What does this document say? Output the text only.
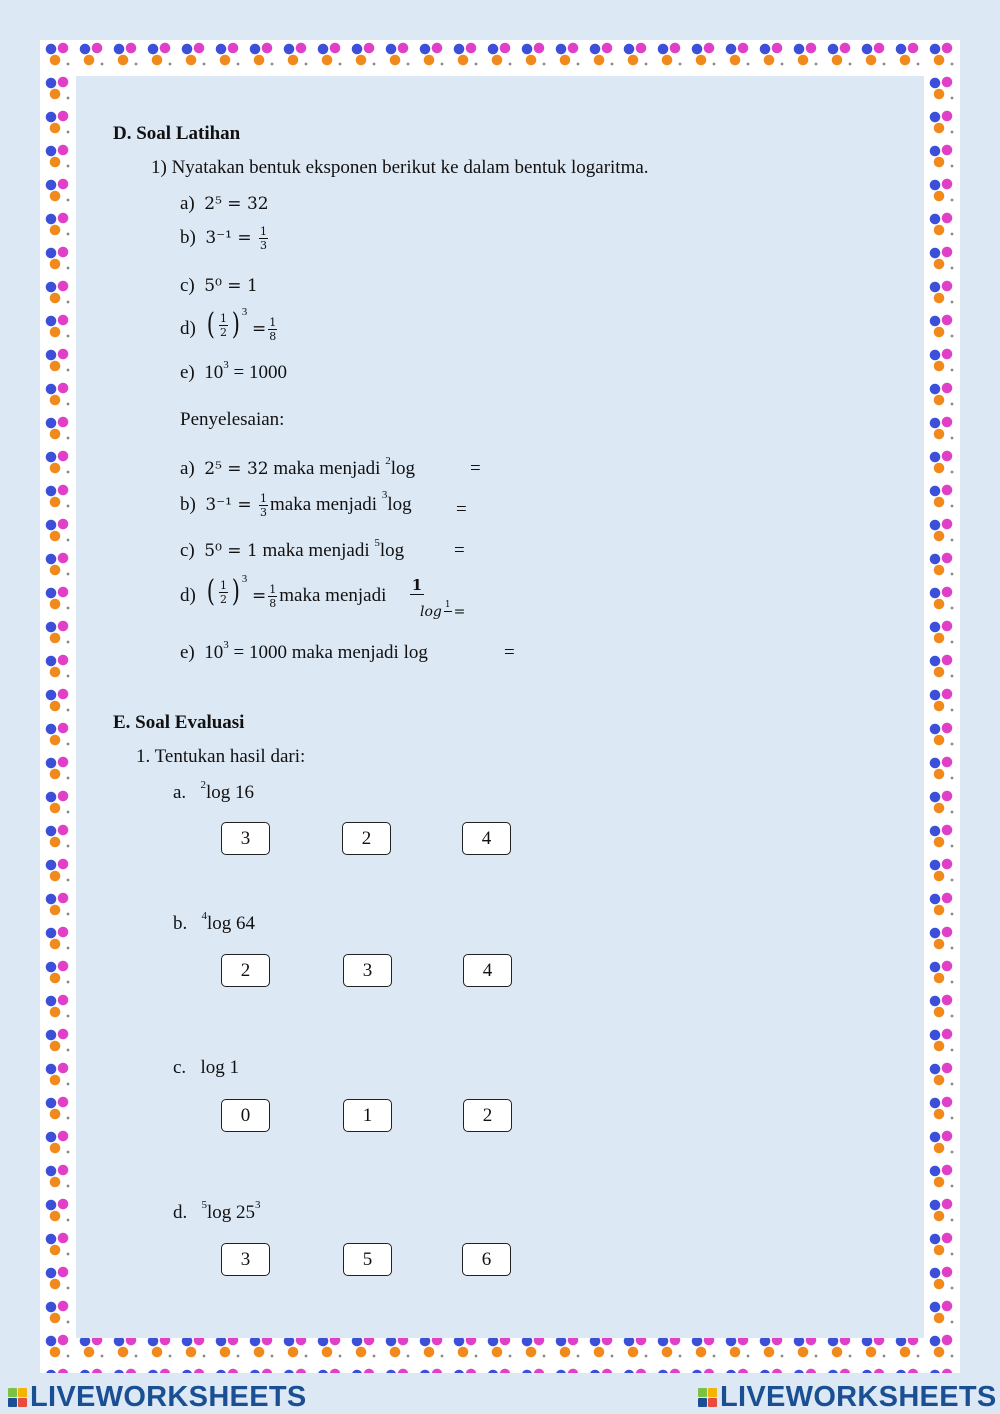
D. Soal Latihan
1) Nyatakan bentuk eksponen berikut ke dalam bentuk logaritma.
a) 2⁵ = 32
b) $3^{-1} = \frac{1}{3}$
c) 5⁰ = 1
d) ( $\frac{1}{2}$ ) $^3 = \frac{1}{8}$
e) $10^3 = 1000$
Penyelesaian:
a) 2⁵ = 32 maka menjadi $^2$log	=
b) $3^{-1} = \frac{1}{3}$ maka menjadi $^3$log =
c) 5⁰ = 1 maka menjadi $^5$log	=
d) ( $\frac{1}{2}$ ) $^3 = \frac{1}{8}$ maka menjadi 1
log 1
=
e) $10^3 = 1000$ maka menjadi log	=
E. Soal Evaluasi
1. Tentukan hasil dari:
a. $^2$log 16
3	2	4
b. $^4$log 64
2	3	4
c. log 1
0	1	2
d. $^5$log $25^3$
3	5	6
LIVEWORKSHEETS	LIVEWORKSHEETS
